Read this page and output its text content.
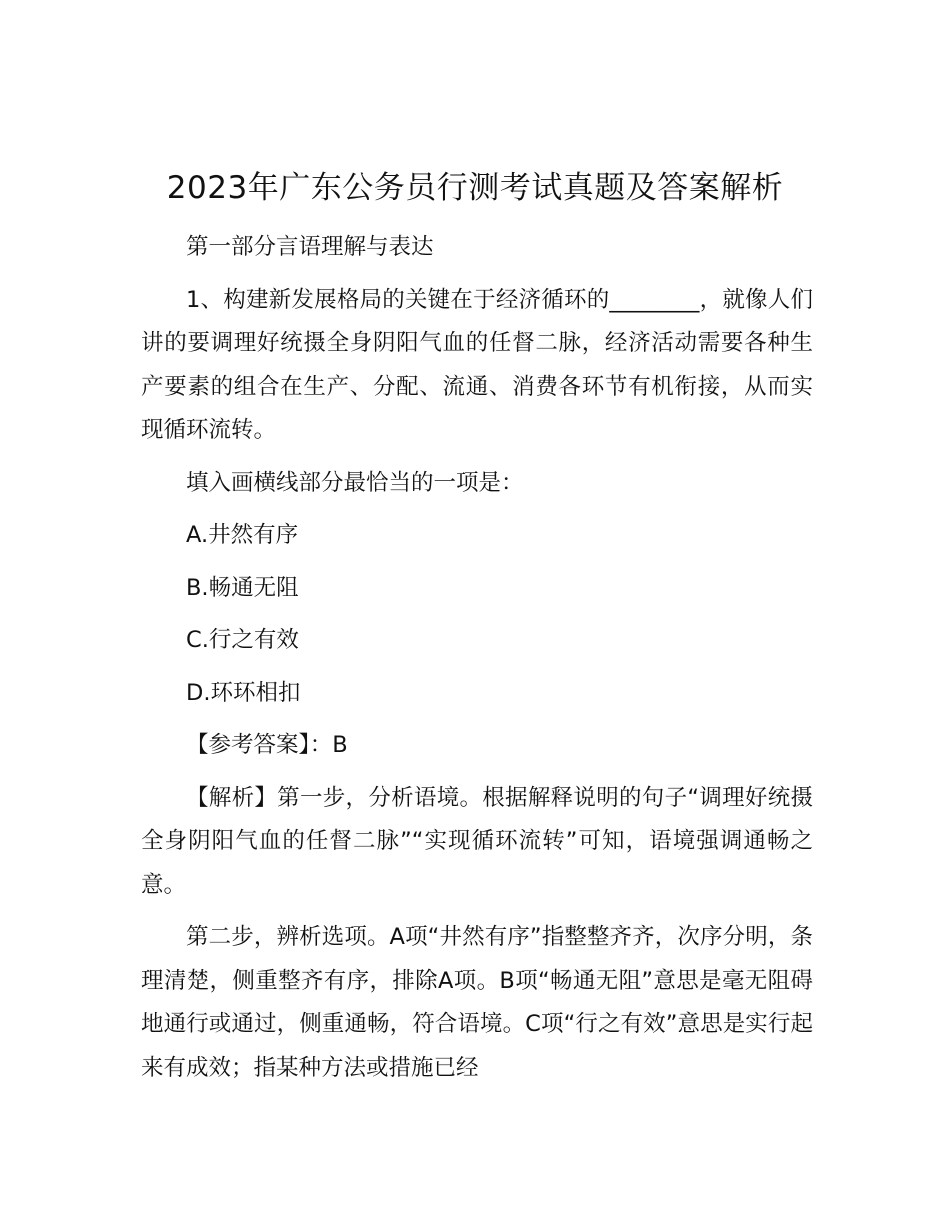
2023年广东公务员行测考试真题及答案解析

第一部分言语理解与表达

1、构建新发展格局的关键在于经济循环的________，就像人们讲的要调理好统摄全身阴阳气血的任督二脉，经济活动需要各种生产要素的组合在生产、分配、流通、消费各环节有机衔接，从而实现循环流转。

填入画横线部分最恰当的一项是：

A.井然有序

B.畅通无阻

C.行之有效

D.环环相扣

【参考答案】：B

【解析】第一步，分析语境。根据解释说明的句子“调理好统摄全身阴阳气血的任督二脉”“实现循环流转”可知，语境强调通畅之意。

第二步，辨析选项。A项“井然有序”指整整齐齐，次序分明，条理清楚，侧重整齐有序，排除A项。B项“畅通无阻”意思是毫无阻碍地通行或通过，侧重通畅，符合语境。C项“行之有效”意思是实行起来有成效；指某种方法或措施已经
